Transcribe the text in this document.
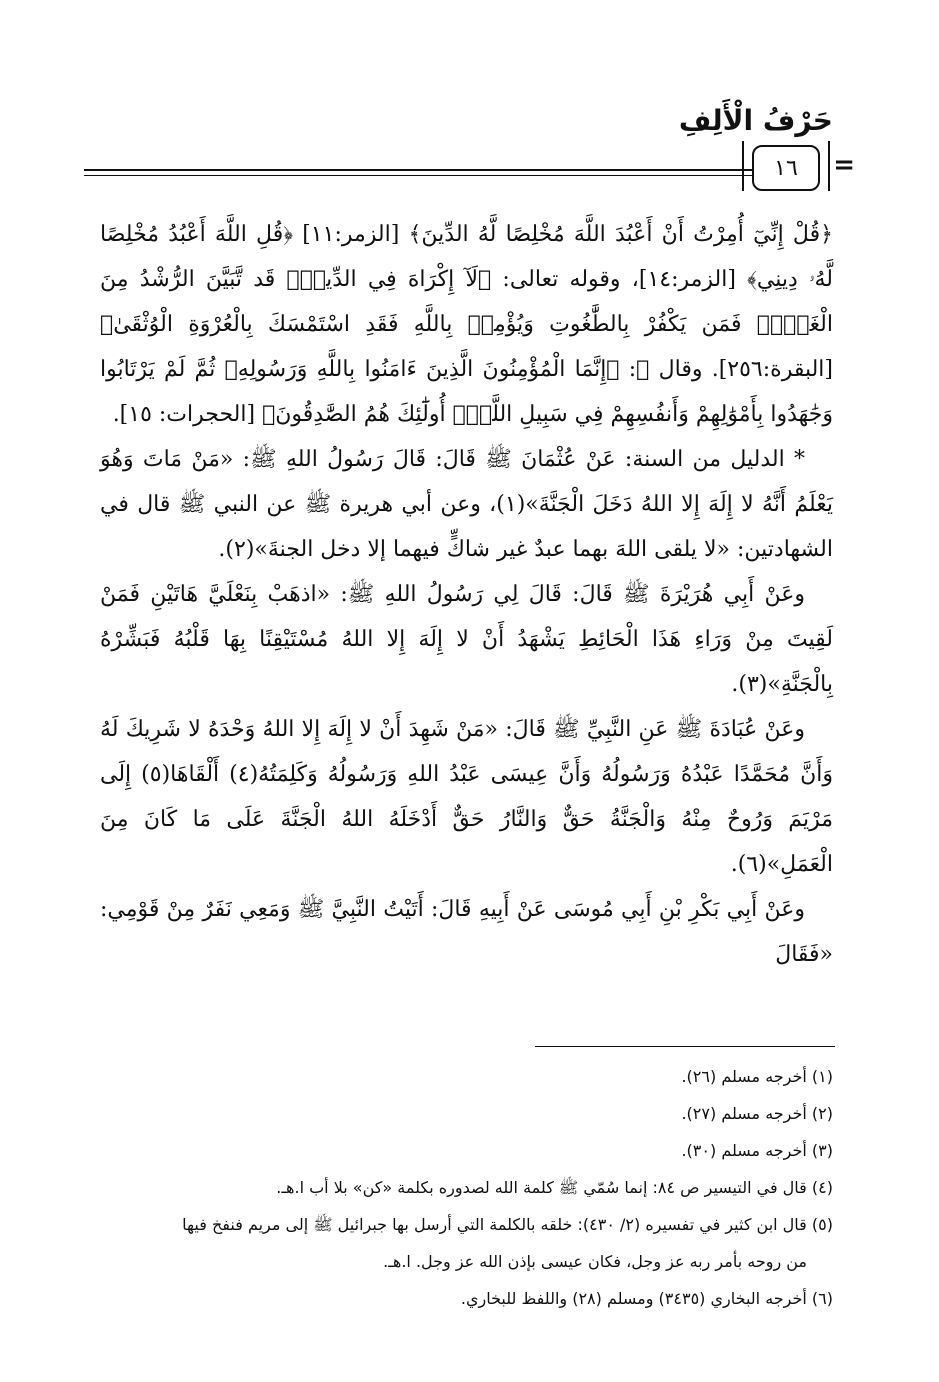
حَرْفُ الْأَلِفِ
١٦	=

﴿قُلْ إِنِّيٓ أُمِرْتُ أَنْ أَعْبُدَ اللَّهَ مُخْلِصًا لَّهُ الدِّينَ﴾ [الزمر:١١] ﴿قُلِ اللَّهَ أَعْبُدُ مُخْلِصًا لَّهُۥ دِينِي﴾ [الزمر:١٤]، وقوله تعالى: ﴿لَآ إِكْرَاهَ فِي الدِّينِۖ قَد تَّبَيَّنَ الرُّشْدُ مِنَ الْغَيِّۚ فَمَن يَكْفُرْ بِالطَّٰغُوتِ وَيُؤْمِنۢ بِاللَّهِ فَقَدِ اسْتَمْسَكَ بِالْعُرْوَةِ الْوُثْقَىٰ﴾ [البقرة:٢٥٦]. وقال ﷻ: ﴿إِنَّمَا الْمُؤْمِنُونَ الَّذِينَ ءَامَنُوا بِاللَّهِ وَرَسُولِهِۦ ثُمَّ لَمْ يَرْتَابُوا وَجَٰهَدُوا بِأَمْوَٰلِهِمْ وَأَنفُسِهِمْ فِي سَبِيلِ اللَّهِۚ أُولَٰٓئِكَ هُمُ الصَّٰدِقُونَ﴾ [الحجرات: ١٥].

* الدليل من السنة: عَنْ عُثْمَانَ ﷺ قَالَ: قَالَ رَسُولُ اللهِ ﷺ: «مَنْ مَاتَ وَهُوَ يَعْلَمُ أَنَّهُ لا إِلَهَ إِلا اللهُ دَخَلَ الْجَنَّةَ»(١)، وعن أبي هريرة ﷺ عن النبي ﷺ قال في الشهادتين: «لا يلقى اللهَ بهما عبدٌ غير شاكٍّ فيهما إلا دخل الجنةَ»(٢).

وعَنْ أَبِي هُرَيْرَةَ ﷺ قَالَ: قَالَ لِي رَسُولُ اللهِ ﷺ: «اذهَبْ بِنَعْلَيَّ هَاتَيْنِ فَمَنْ لَقِيتَ مِنْ وَرَاءِ هَذَا الْحَائِطِ يَشْهَدُ أَنْ لا إِلَهَ إِلا اللهُ مُسْتَيْقِنًا بِهَا قَلْبُهُ فَبَشِّرْهُ بِالْجَنَّةِ»(٣).

وعَنْ عُبَادَةَ ﷺ عَنِ النَّبِيِّ ﷺ قَالَ: «مَنْ شَهِدَ أَنْ لا إِلَهَ إِلا اللهُ وَحْدَهُ لا شَرِيكَ لَهُ وَأَنَّ مُحَمَّدًا عَبْدُهُ وَرَسُولُهُ وَأَنَّ عِيسَى عَبْدُ اللهِ وَرَسُولُهُ وَكَلِمَتُهُ(٤) أَلْقَاهَا(٥) إِلَى مَرْيَمَ وَرُوحٌ مِنْهُ وَالْجَنَّةُ حَقٌّ وَالنَّارُ حَقٌّ أَدْخَلَهُ اللهُ الْجَنَّةَ عَلَى مَا كَانَ مِنَ الْعَمَلِ»(٦).

وعَنْ أَبِي بَكْرِ بْنِ أَبِي مُوسَى عَنْ أَبِيهِ قَالَ: أَتَيْتُ النَّبِيَّ ﷺ وَمَعِي نَفَرٌ مِنْ قَوْمِي: «فَقَالَ

(١) أخرجه مسلم (٢٦).

(٢) أخرجه مسلم (٢٧).

(٣) أخرجه مسلم (٣٠).

(٤) قال في التيسير ص ٨٤: إنما سُمّي ﷺ كلمة الله لصدوره بكلمة «كن» بلا أب ا.هـ.

(٥) قال ابن كثير في تفسيره (٢/ ٤٣٠): خلقه بالكلمة التي أرسل بها جبرائيل ﷺ إلى مريم فنفخ فيها

من روحه بأمر ربه عز وجل، فكان عيسى بإذن الله عز وجل. ا.هـ.

(٦) أخرجه البخاري (٣٤٣٥) ومسلم (٢٨) واللفظ للبخاري.
